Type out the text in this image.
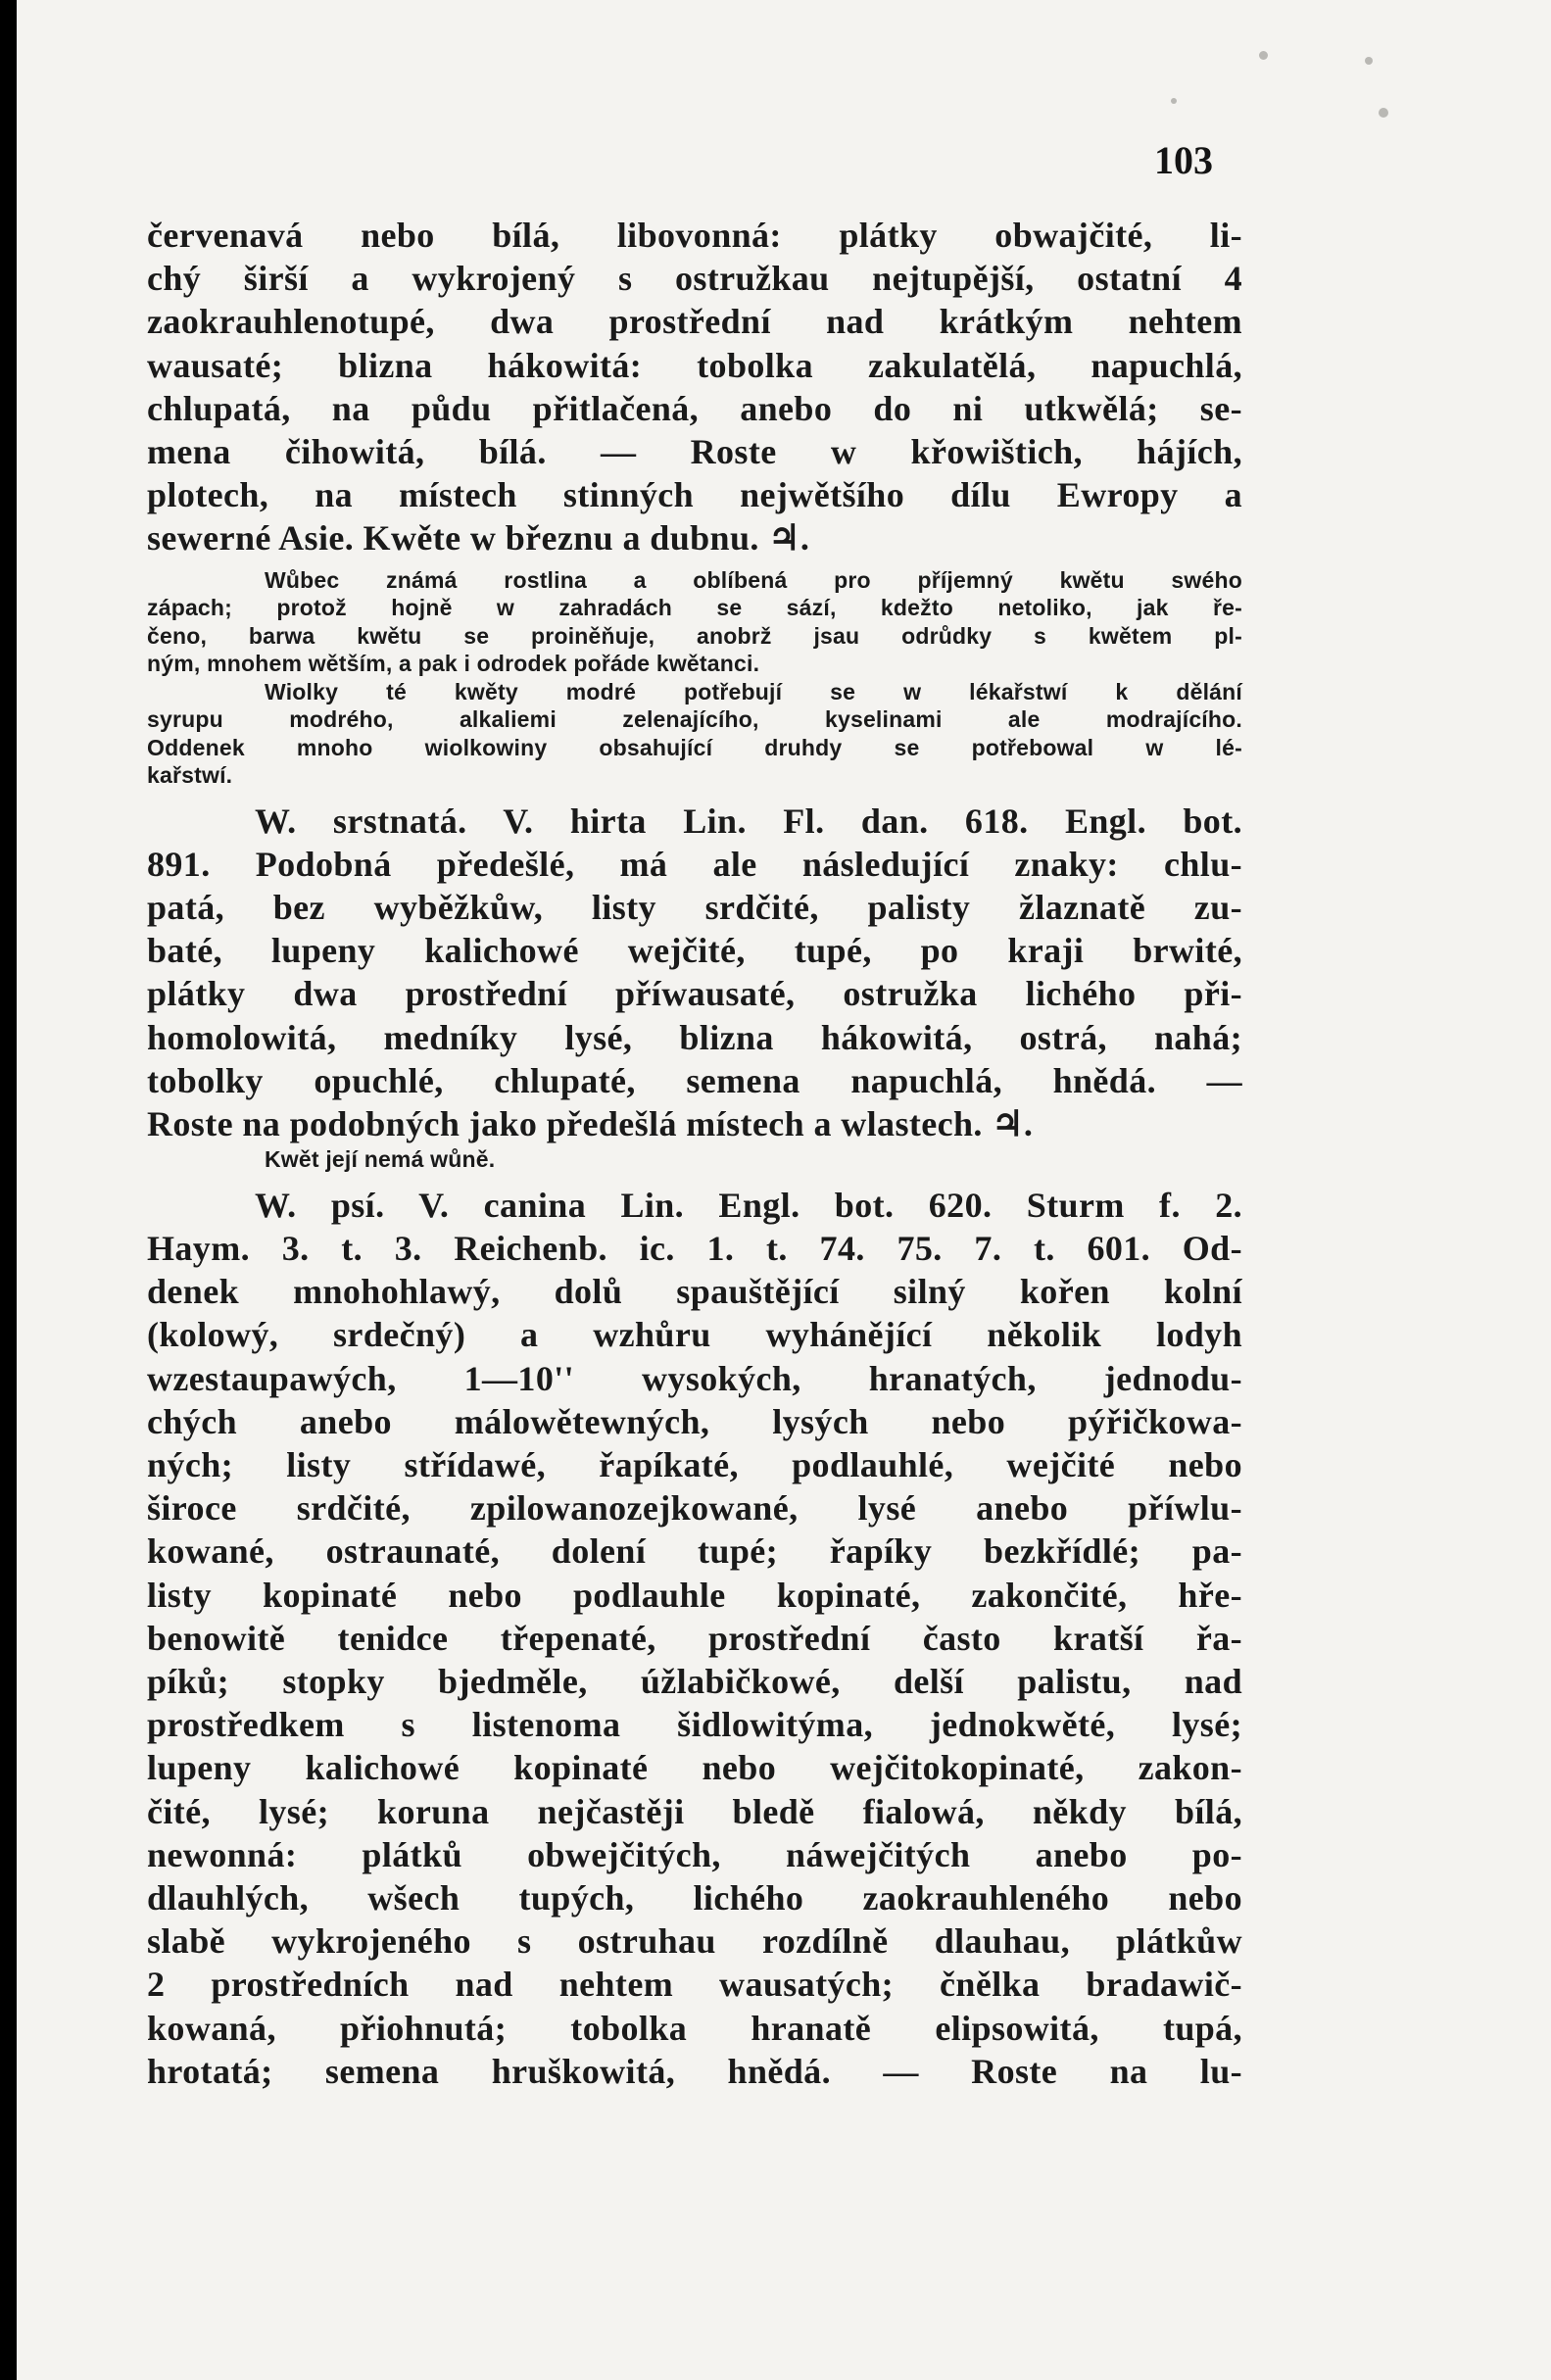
103
červenavá nebo bílá, libovonná: plátky obwajčité, li-
chý širší a wykrojený s ostružkau nejtupější, ostatní 4
zaokrauhlenotupé, dwa prostřední nad krátkým nehtem
wausaté; blizna hákowitá: tobolka zakulatělá, napuchlá,
chlupatá, na půdu přitlačená, anebo do ni utkwělá; se-
mena čihowitá, bílá. — Roste w křowištich, hájích,
plotech, na místech stinných nejwětšího dílu Ewropy a
sewerné Asie. Kwěte w březnu a dubnu. ♃.
Wůbec známá rostlina a oblíbená pro příjemný kwětu swého
zápach; protož hojně w zahradách se sází, kdežto netoliko, jak ře-
čeno, barwa kwětu se proiněňuje, anobrž jsau odrůdky s kwětem pl-
ným, mnohem wětším, a pak i odrodek pořáde kwětanci.
Wiolky té kwěty modré potřebují se w lékařstwí k dělání
syrupu modrého, alkaliemi zelenajícího, kyselinami ale modrajícího.
Oddenek mnoho wiolkowiny obsahující druhdy se potřebowal w lé-
kařstwí.
W. srstnatá. V. hirta Lin. Fl. dan. 618. Engl. bot.
891. Podobná předešlé, má ale následující znaky: chlu-
patá, bez wyběžkůw, listy srdčité, palisty žlaznatě zu-
baté, lupeny kalichowé wejčité, tupé, po kraji brwité,
plátky dwa prostřední příwausaté, ostružka lichého při-
homolowitá, medníky lysé, blizna hákowitá, ostrá, nahá;
tobolky opuchlé, chlupaté, semena napuchlá, hnědá. —
Roste na podobných jako předešlá místech a wlastech. ♃.
Kwět její nemá wůně.
W. psí. V. canina Lin. Engl. bot. 620. Sturm f. 2.
Haym. 3. t. 3. Reichenb. ic. 1. t. 74. 75. 7. t. 601. Od-
denek mnohohlawý, dolů spauštějící silný kořen kolní
(kolowý, srdečný) a wzhůru wyhánějící několik lodyh
wzestaupawých, 1—10'' wysokých, hranatých, jednodu-
chých anebo málowětewných, lysých nebo pýřičkowa-
ných; listy střídawé, řapíkaté, podlauhlé, wejčité nebo
široce srdčité, zpilowanozejkowané, lysé anebo příwlu-
kowané, ostraunaté, dolení tupé; řapíky bezkřídlé; pa-
listy kopinaté nebo podlauhle kopinaté, zakončité, hře-
benowitě tenidce třepenaté, prostřední často kratší řa-
píků; stopky bjedměle, úžlabičkowé, delší palistu, nad
prostředkem s listenoma šidlowitýma, jednokwěté, lysé;
lupeny kalichowé kopinaté nebo wejčitokopinaté, zakon-
čité, lysé; koruna nejčastěji bledě fialowá, někdy bílá,
newonná: plátků obwejčitých, náwejčitých anebo po-
dlauhlých, wšech tupých, lichého zaokrauhleného nebo
slabě wykrojeného s ostruhau rozdílně dlauhau, plátkůw
2 prostředních nad nehtem wausatých; čnělka bradawič-
kowaná, přiohnutá; tobolka hranatě elipsowitá, tupá,
hrotatá; semena hruškowitá, hnědá. — Roste na lu-
